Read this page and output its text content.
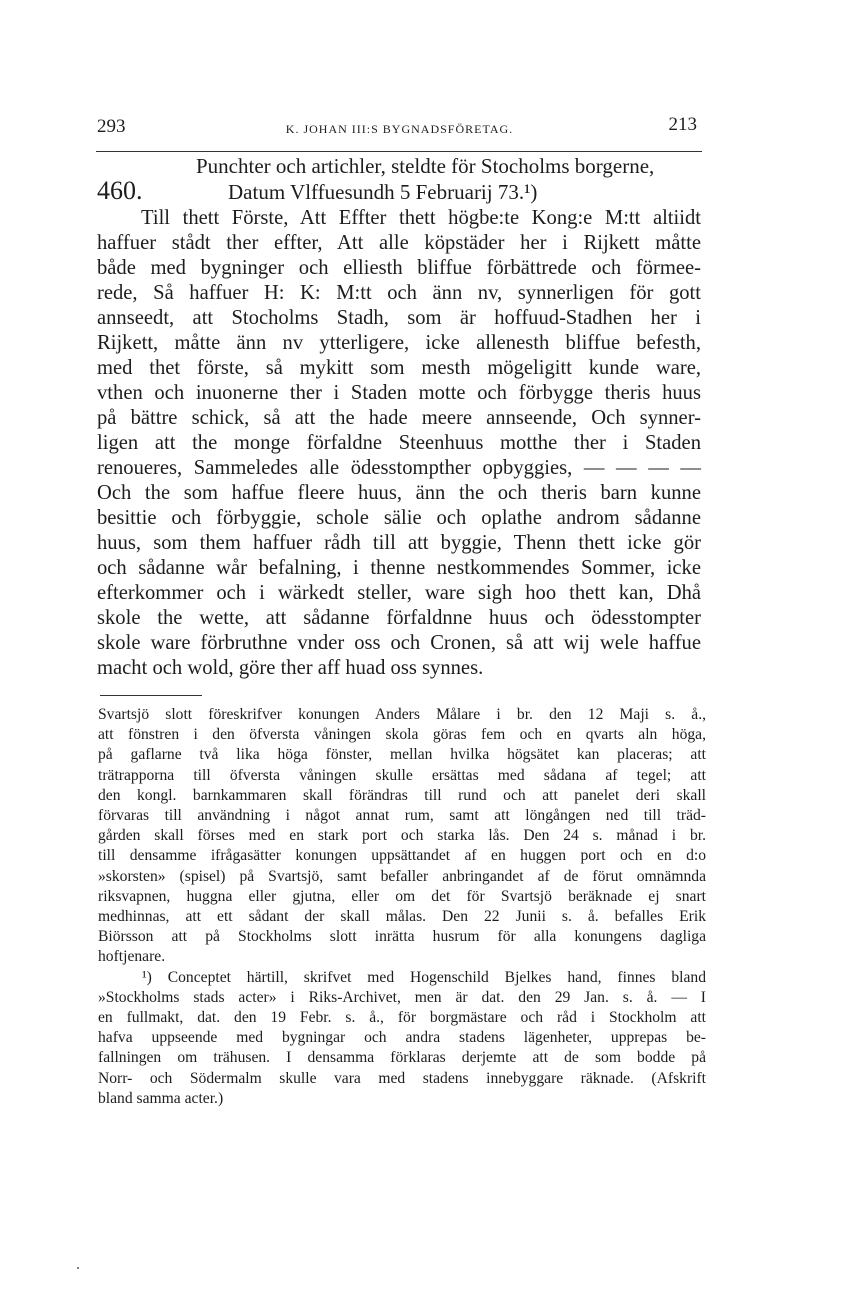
293	K. JOHAN III:S BYGNADSFÖRETAG.	213
460.
Punchter och artichler, steldte för Stocholms borgerne,
Datum Vlffuesundh 5 Februarij 73.¹)
Till thett Förste, Att Effter thett högbe:te Kong:e M:tt altiidt
haffuer stådt ther effter, Att alle köpstäder her i Rijkett måtte
både med bygninger och elliesth bliffue förbättrede och förmee-
rede, Så haffuer H: K: M:tt och änn nv, synnerligen för gott
annseedt, att Stocholms Stadh, som är hoffuud-Stadhen her i
Rijkett, måtte änn nv ytterligere, icke allenesth bliffue befesth,
med thet förste, så mykitt som mesth mögeligitt kunde ware,
vthen och inuonerne ther i Staden motte och förbygge theris huus
på bättre schick, så att the hade meere annseende, Och synner-
ligen att the monge förfaldne Steenhuus motthe ther i Staden
renoueres, Sammeledes alle ödesstompther opbyggies, — — — —
Och the som haffue fleere huus, änn the och theris barn kunne
besittie och förbyggie, schole sälie och oplathe androm sådanne
huus, som them haffuer rådh till att byggie, Thenn thett icke gör
och sådanne wår befalning, i thenne nestkommendes Sommer, icke
efterkommer och i wärkedt steller, ware sigh hoo thett kan, Dhå
skole the wette, att sådanne förfaldnne huus och ödesstompter
skole ware förbruthne vnder oss och Cronen, så att wij wele haffue
macht och wold, göre ther aff huad oss synnes.
Svartsjö slott föreskrifver konungen Anders Målare i br. den 12 Maji s. å.,
att fönstren i den öfversta våningen skola göras fem och en qvarts aln höga,
på gaflarne två lika höga fönster, mellan hvilka högsätet kan placeras; att
trätrapporna till öfversta våningen skulle ersättas med sådana af tegel; att
den kongl. barnkammaren skall förändras till rund och att panelet deri skall
förvaras till användning i något annat rum, samt att löngången ned till träd-
gården skall förses med en stark port och starka lås. Den 24 s. månad i br.
till densamme ifrågasätter konungen uppsättandet af en huggen port och en d:o
»skorsten» (spisel) på Svartsjö, samt befaller anbringandet af de förut omnämnda
riksvapnen, huggna eller gjutna, eller om det för Svartsjö beräknade ej snart
medhinnas, att ett sådant der skall målas. Den 22 Junii s. å. befalles Erik
Biörsson att på Stockholms slott inrätta husrum för alla konungens dagliga
hoftjenare.
¹) Conceptet härtill, skrifvet med Hogenschild Bjelkes hand, finnes bland
»Stockholms stads acter» i Riks-Archivet, men är dat. den 29 Jan. s. å. — I
en fullmakt, dat. den 19 Febr. s. å., för borgmästare och råd i Stockholm att
hafva uppseende med bygningar och andra stadens lägenheter, upprepas be-
fallningen om trähusen. I densamma förklaras derjemte att de som bodde på
Norr- och Södermalm skulle vara med stadens innebyggare räknade. (Afskrift
bland samma acter.)
